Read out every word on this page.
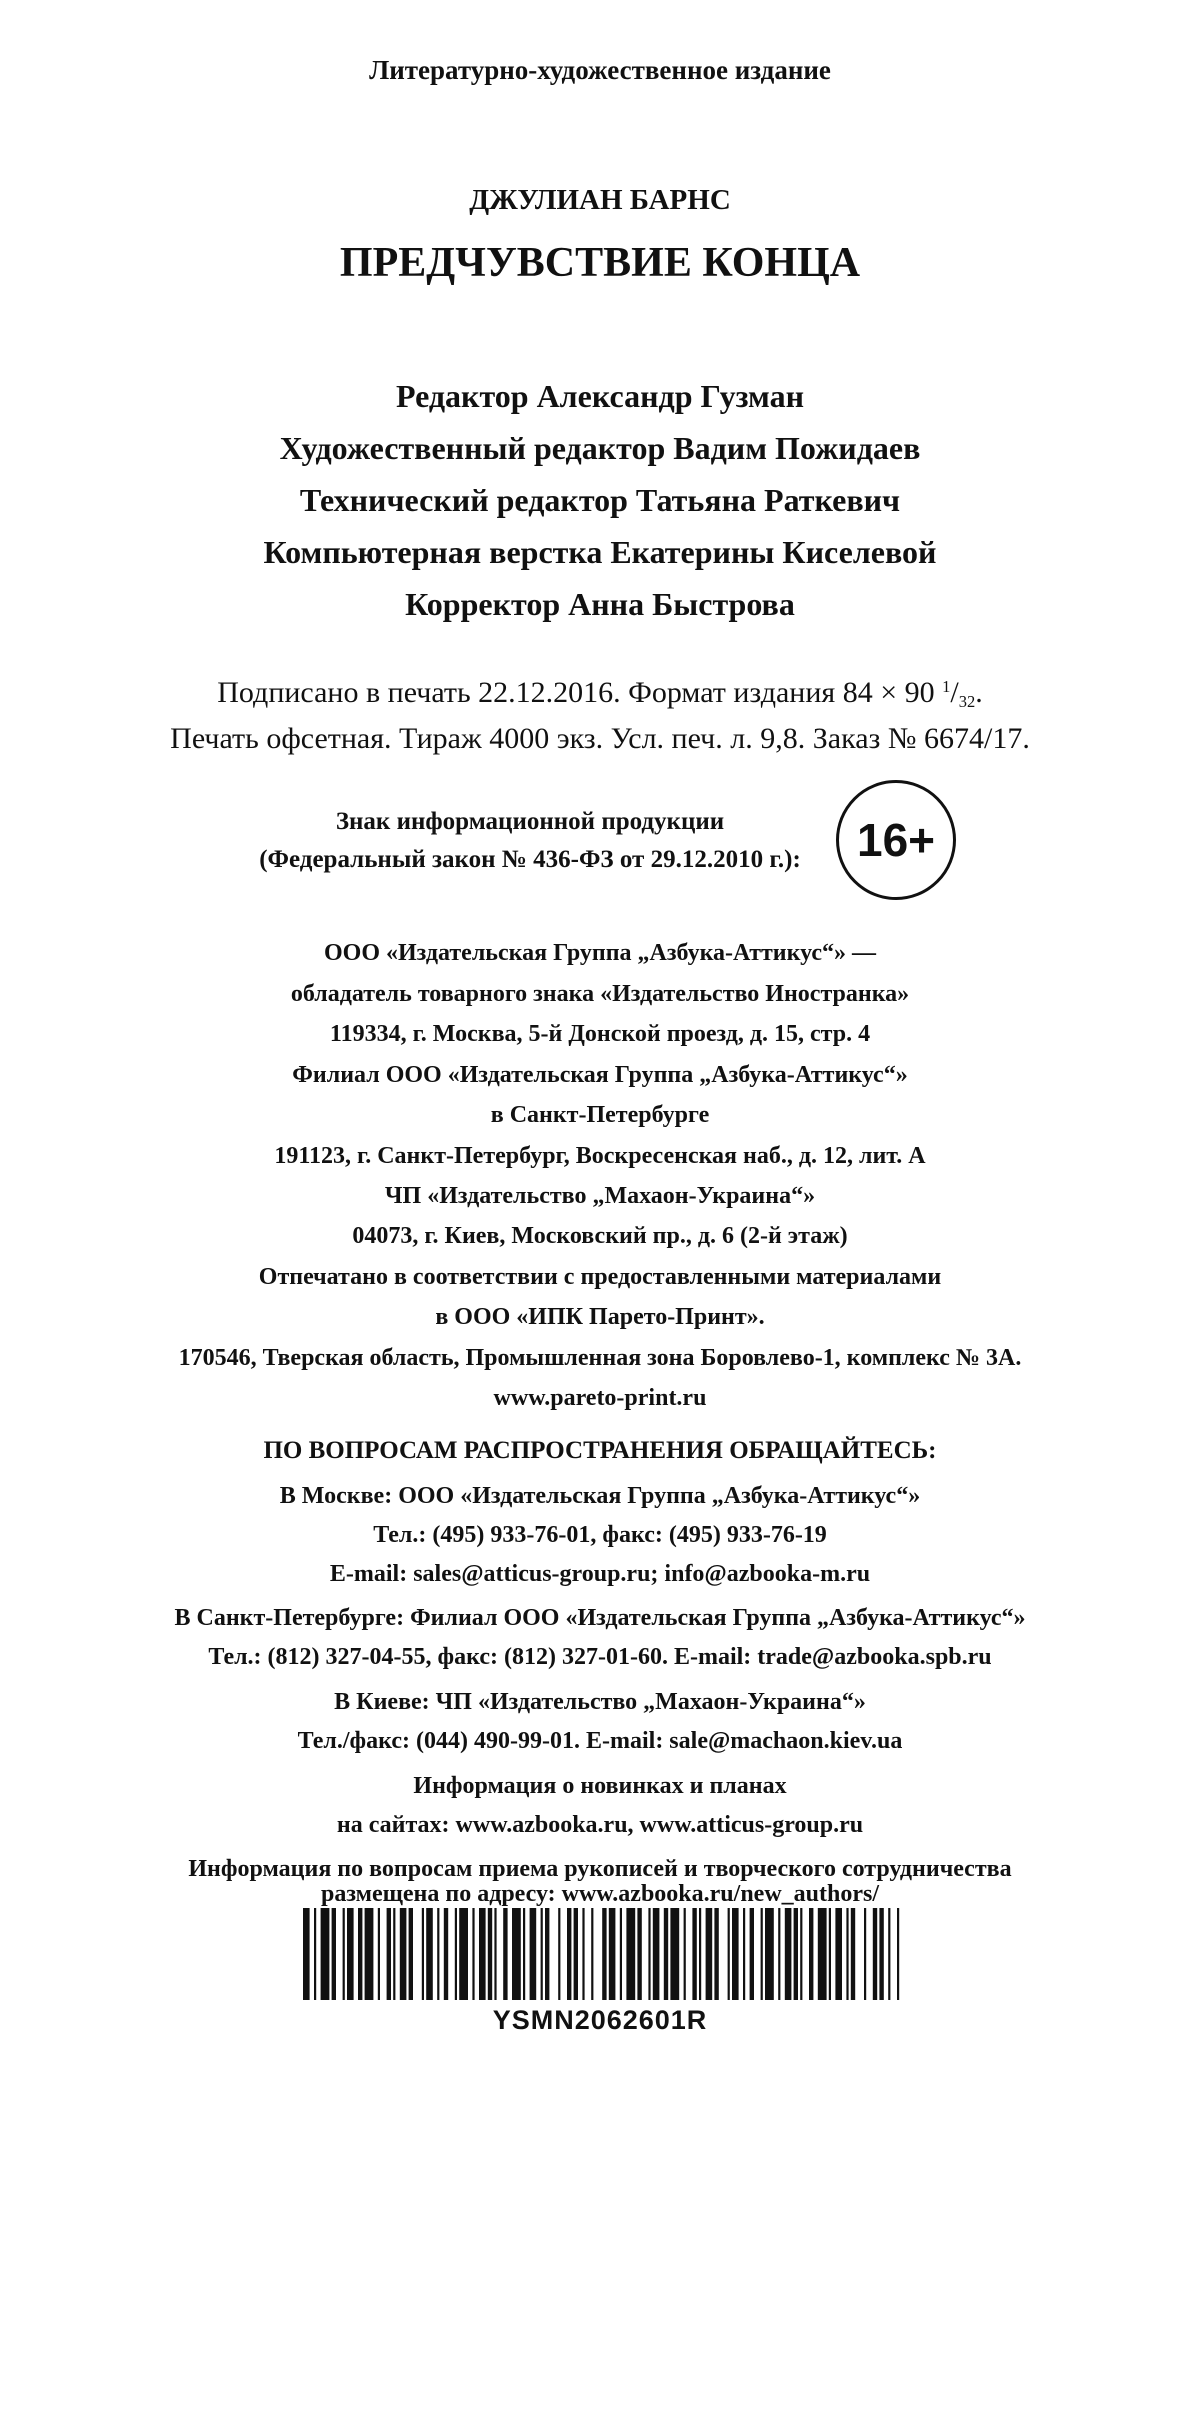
Литературно-художественное издание
ДЖУЛИАН БАРНС
ПРЕДЧУВСТВИЕ КОНЦА
Редактор Александр Гузман
Художественный редактор Вадим Пожидаев
Технический редактор Татьяна Раткевич
Компьютерная верстка Екатерины Киселевой
Корректор Анна Быстрова
Подписано в печать 22.12.2016. Формат издания 84 × 90 $^1/_{32}$.
Печать офсетная. Тираж 4000 экз. Усл. печ. л. 9,8. Заказ № 6674/17.
Знак информационной продукции
(Федеральный закон № 436-ФЗ от 29.12.2010 г.):	16+
ООО «Издательская Группа „Азбука-Аттикус“» —
обладатель товарного знака «Издательство Иностранка»
119334, г. Москва, 5-й Донской проезд, д. 15, стр. 4
Филиал ООО «Издательская Группа „Азбука-Аттикус“»
в Санкт-Петербурге
191123, г. Санкт-Петербург, Воскресенская наб., д. 12, лит. А
ЧП «Издательство „Махаон-Украина“»
04073, г. Киев, Московский пр., д. 6 (2-й этаж)
Отпечатано в соответствии с предоставленными материалами
в ООО «ИПК Парето-Принт».
170546, Тверская область, Промышленная зона Боровлево-1, комплекс № 3А.
www.pareto-print.ru
ПО ВОПРОСАМ РАСПРОСТРАНЕНИЯ ОБРАЩАЙТЕСЬ:
В Москве: ООО «Издательская Группа „Азбука-Аттикус“»
Тел.: (495) 933-76-01, факс: (495) 933-76-19
E-mail: sales@atticus-group.ru; info@azbooka-m.ru
В Санкт-Петербурге: Филиал ООО «Издательская Группа „Азбука-Аттикус“»
Тел.: (812) 327-04-55, факс: (812) 327-01-60. E-mail: trade@azbooka.spb.ru
В Киеве: ЧП «Издательство „Махаон-Украина“»
Тел./факс: (044) 490-99-01. E-mail: sale@machaon.kiev.ua
Информация о новинках и планах
на сайтах: www.azbooka.ru, www.atticus-group.ru
Информация по вопросам приема рукописей и творческого сотрудничества
размещена по адресу: www.azbooka.ru/new_authors/
YSMN2062601R
